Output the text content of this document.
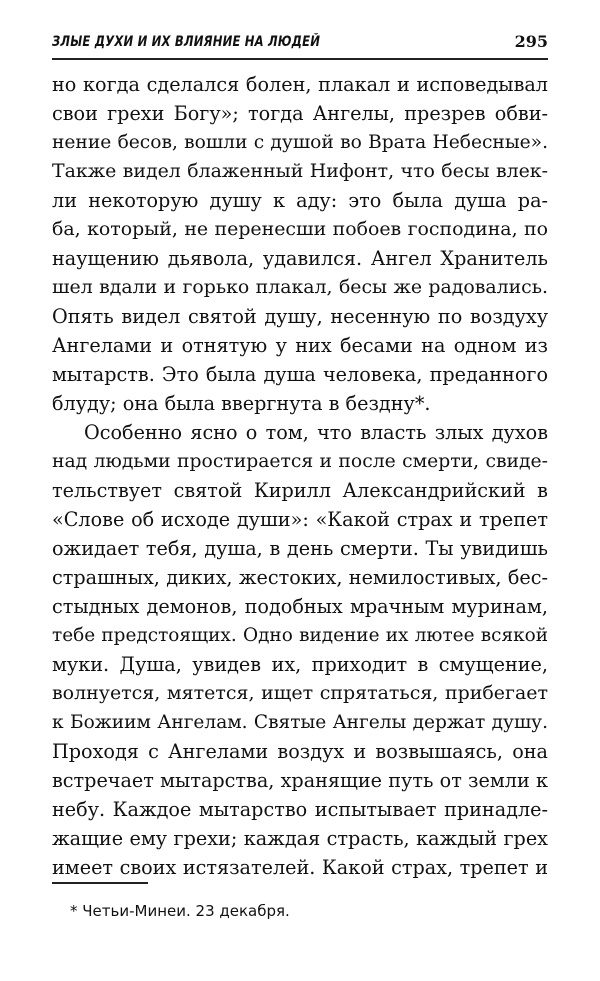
ЗЛЫЕ ДУХИ И ИХ ВЛИЯНИЕ НА ЛЮДЕЙ	295
но когда сделался болен, плакал и исповедывал
свои грехи Богу»; тогда Ангелы, презрев обви-
нение бесов, вошли с душой во Врата Небесные».
Также видел блаженный Нифонт, что бесы влек-
ли некоторую душу к аду: это была душа ра-
ба, который, не перенесши побоев господина, по
наущению дьявола, удавился. Ангел Хранитель
шел вдали и горько плакал, бесы же радовались.
Опять видел святой душу, несенную по воздуху
Ангелами и отнятую у них бесами на одном из
мытарств. Это была душа человека, преданного
блуду; она была ввергнута в бездну*.
Особенно ясно о том, что власть злых духов
над людьми простирается и после смерти, свиде-
тельствует святой Кирилл Александрийский в
«Слове об исходе души»: «Какой страх и трепет
ожидает тебя, душа, в день смерти. Ты увидишь
страшных, диких, жестоких, немилостивых, бес-
стыдных демонов, подобных мрачным муринам,
тебе предстоящих. Одно видение их лютее всякой
муки. Душа, увидев их, приходит в смущение,
волнуется, мятется, ищет спрятаться, прибегает
к Божиим Ангелам. Святые Ангелы держат душу.
Проходя с Ангелами воздух и возвышаясь, она
встречает мытарства, хранящие путь от земли к
небу. Каждое мытарство испытывает принадле-
жащие ему грехи; каждая страсть, каждый грех
имеет своих истязателей. Какой страх, трепет и
* Четьи-Минеи. 23 декабря.
